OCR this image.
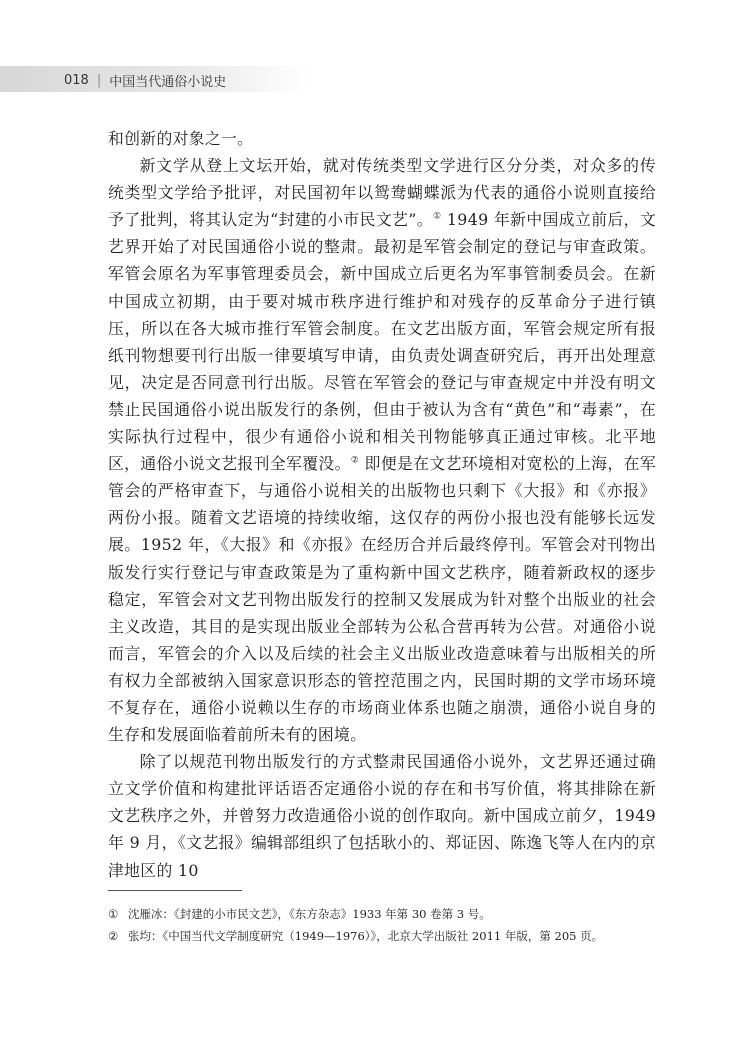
018 | 中国当代通俗小说史

和创新的对象之一。

新文学从登上文坛开始，就对传统类型文学进行区分分类，对众多的传统类型文学给予批评，对民国初年以鸳鸯蝴蝶派为代表的通俗小说则直接给予了批判，将其认定为“封建的小市民文艺”。① 1949 年新中国成立前后，文艺界开始了对民国通俗小说的整肃。最初是军管会制定的登记与审查政策。军管会原名为军事管理委员会，新中国成立后更名为军事管制委员会。在新中国成立初期，由于要对城市秩序进行维护和对残存的反革命分子进行镇压，所以在各大城市推行军管会制度。在文艺出版方面，军管会规定所有报纸刊物想要刊行出版一律要填写申请，由负责处调查研究后，再开出处理意见，决定是否同意刊行出版。尽管在军管会的登记与审查规定中并没有明文禁止民国通俗小说出版发行的条例，但由于被认为含有“黄色”和“毒素”，在实际执行过程中，很少有通俗小说和相关刊物能够真正通过审核。北平地区，通俗小说文艺报刊全军覆没。② 即便是在文艺环境相对宽松的上海，在军管会的严格审查下，与通俗小说相关的出版物也只剩下《大报》和《亦报》两份小报。随着文艺语境的持续收缩，这仅存的两份小报也没有能够长远发展。1952 年，《大报》和《亦报》在经历合并后最终停刊。军管会对刊物出版发行实行登记与审查政策是为了重构新中国文艺秩序，随着新政权的逐步稳定，军管会对文艺刊物出版发行的控制又发展成为针对整个出版业的社会主义改造，其目的是实现出版业全部转为公私合营再转为公营。对通俗小说而言，军管会的介入以及后续的社会主义出版业改造意味着与出版相关的所有权力全部被纳入国家意识形态的管控范围之内，民国时期的文学市场环境不复存在，通俗小说赖以生存的市场商业体系也随之崩溃，通俗小说自身的生存和发展面临着前所未有的困境。

除了以规范刊物出版发行的方式整肃民国通俗小说外，文艺界还通过确立文学价值和构建批评话语否定通俗小说的存在和书写价值，将其排除在新文艺秩序之外，并曾努力改造通俗小说的创作取向。新中国成立前夕，1949 年 9 月，《文艺报》编辑部组织了包括耿小的、郑证因、陈逸飞等人在内的京津地区的 10

① 沈雁冰：《封建的小市民文艺》，《东方杂志》1933 年第 30 卷第 3 号。
② 张均：《中国当代文学制度研究（1949—1976）》，北京大学出版社 2011 年版，第 205 页。
